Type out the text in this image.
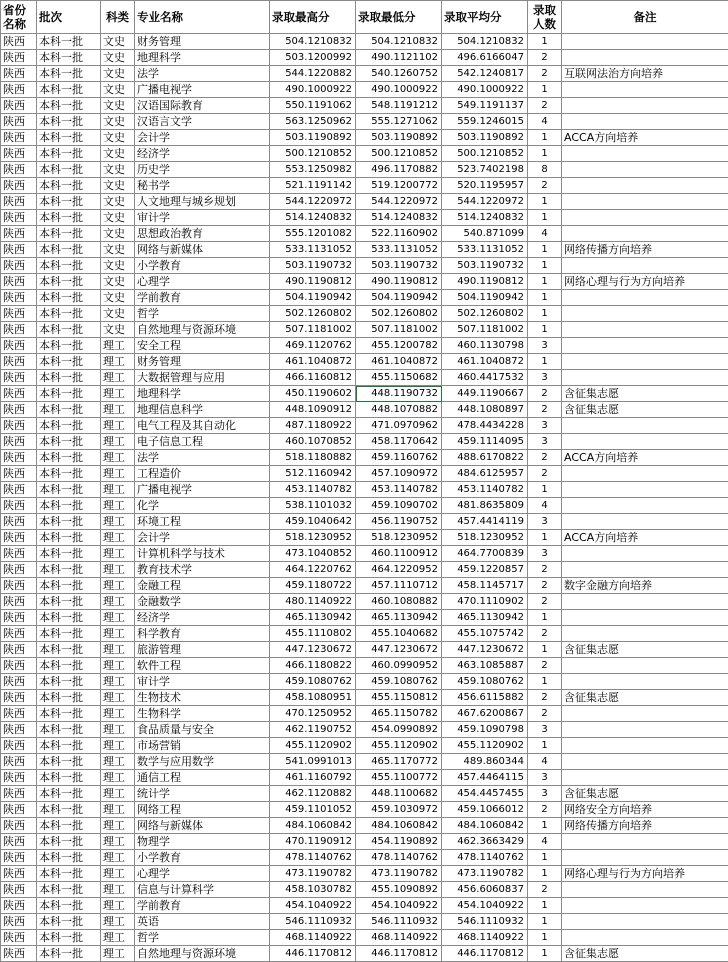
省份名称	批次	科类	专业名称	录取最高分	录取最低分	录取平均分	录取人数	备注
陕西	本科一批	文史	财务管理	504.1210832	504.1210832	504.1210832	1	
陕西	本科一批	文史	地理科学	503.1200992	490.1121102	496.6166047	2	
陕西	本科一批	文史	法学	544.1220882	540.1260752	542.1240817	2	互联网法治方向培养
陕西	本科一批	文史	广播电视学	490.1000922	490.1000922	490.1000922	1	
陕西	本科一批	文史	汉语国际教育	550.1191062	548.1191212	549.1191137	2	
陕西	本科一批	文史	汉语言文学	563.1250962	555.1271062	559.1246015	4	
陕西	本科一批	文史	会计学	503.1190892	503.1190892	503.1190892	1	ACCA方向培养
陕西	本科一批	文史	经济学	500.1210852	500.1210852	500.1210852	1	
陕西	本科一批	文史	历史学	553.1250982	496.1170882	523.7402198	8	
陕西	本科一批	文史	秘书学	521.1191142	519.1200772	520.1195957	2	
陕西	本科一批	文史	人文地理与城乡规划	544.1220972	544.1220972	544.1220972	1	
陕西	本科一批	文史	审计学	514.1240832	514.1240832	514.1240832	1	
陕西	本科一批	文史	思想政治教育	555.1201082	522.1160902	540.871099	4	
陕西	本科一批	文史	网络与新媒体	533.1131052	533.1131052	533.1131052	1	网络传播方向培养
陕西	本科一批	文史	小学教育	503.1190732	503.1190732	503.1190732	1	
陕西	本科一批	文史	心理学	490.1190812	490.1190812	490.1190812	1	网络心理与行为方向培养
陕西	本科一批	文史	学前教育	504.1190942	504.1190942	504.1190942	1	
陕西	本科一批	文史	哲学	502.1260802	502.1260802	502.1260802	1	
陕西	本科一批	文史	自然地理与资源环境	507.1181002	507.1181002	507.1181002	1	
陕西	本科一批	理工	安全工程	469.1120762	455.1200782	460.1130798	3	
陕西	本科一批	理工	财务管理	461.1040872	461.1040872	461.1040872	1	
陕西	本科一批	理工	大数据管理与应用	466.1160812	455.1150682	460.4417532	3	
陕西	本科一批	理工	地理科学	450.1190602	448.1190732	449.1190667	2	含征集志愿
陕西	本科一批	理工	地理信息科学	448.1090912	448.1070882	448.1080897	2	含征集志愿
陕西	本科一批	理工	电气工程及其自动化	487.1180922	471.0970962	478.4434228	3	
陕西	本科一批	理工	电子信息工程	460.1070852	458.1170642	459.1114095	3	
陕西	本科一批	理工	法学	518.1180882	459.1160762	488.6170822	2	ACCA方向培养
陕西	本科一批	理工	工程造价	512.1160942	457.1090972	484.6125957	2	
陕西	本科一批	理工	广播电视学	453.1140782	453.1140782	453.1140782	1	
陕西	本科一批	理工	化学	538.1101032	459.1090702	481.8635809	4	
陕西	本科一批	理工	环境工程	459.1040642	456.1190752	457.4414119	3	
陕西	本科一批	理工	会计学	518.1230952	518.1230952	518.1230952	1	ACCA方向培养
陕西	本科一批	理工	计算机科学与技术	473.1040852	460.1100912	464.7700839	3	
陕西	本科一批	理工	教育技术学	464.1220762	464.1220952	459.1220857	2	
陕西	本科一批	理工	金融工程	459.1180722	457.1110712	458.1145717	2	数字金融方向培养
陕西	本科一批	理工	金融数学	480.1140922	460.1080882	470.1110902	2	
陕西	本科一批	理工	经济学	465.1130942	465.1130942	465.1130942	1	
陕西	本科一批	理工	科学教育	455.1110802	455.1040682	455.1075742	2	
陕西	本科一批	理工	旅游管理	447.1230672	447.1230672	447.1230672	1	含征集志愿
陕西	本科一批	理工	软件工程	466.1180822	460.0990952	463.1085887	2	
陕西	本科一批	理工	审计学	459.1080762	459.1080762	459.1080762	1	
陕西	本科一批	理工	生物技术	458.1080951	455.1150812	456.6115882	2	含征集志愿
陕西	本科一批	理工	生物科学	470.1250952	465.1150782	467.6200867	2	
陕西	本科一批	理工	食品质量与安全	462.1190752	454.0990892	459.1090798	3	
陕西	本科一批	理工	市场营销	455.1120902	455.1120902	455.1120902	1	
陕西	本科一批	理工	数学与应用数学	541.0991013	465.1170772	489.860344	4	
陕西	本科一批	理工	通信工程	461.1160792	455.1100772	457.4464115	3	
陕西	本科一批	理工	统计学	462.1120882	448.1100682	454.4457455	3	含征集志愿
陕西	本科一批	理工	网络工程	459.1101052	459.1030972	459.1066012	2	网络安全方向培养
陕西	本科一批	理工	网络与新媒体	484.1060842	484.1060842	484.1060842	1	网络传播方向培养
陕西	本科一批	理工	物理学	470.1190912	454.1190892	462.3663429	4	
陕西	本科一批	理工	小学教育	478.1140762	478.1140762	478.1140762	1	
陕西	本科一批	理工	心理学	473.1190782	473.1190782	473.1190782	1	网络心理与行为方向培养
陕西	本科一批	理工	信息与计算科学	458.1030782	455.1090892	456.6060837	2	
陕西	本科一批	理工	学前教育	454.1040922	454.1040922	454.1040922	1	
陕西	本科一批	理工	英语	546.1110932	546.1110932	546.1110932	1	
陕西	本科一批	理工	哲学	468.1140922	468.1140922	468.1140922	1	
陕西	本科一批	理工	自然地理与资源环境	446.1170812	446.1170812	446.1170812	1	含征集志愿
